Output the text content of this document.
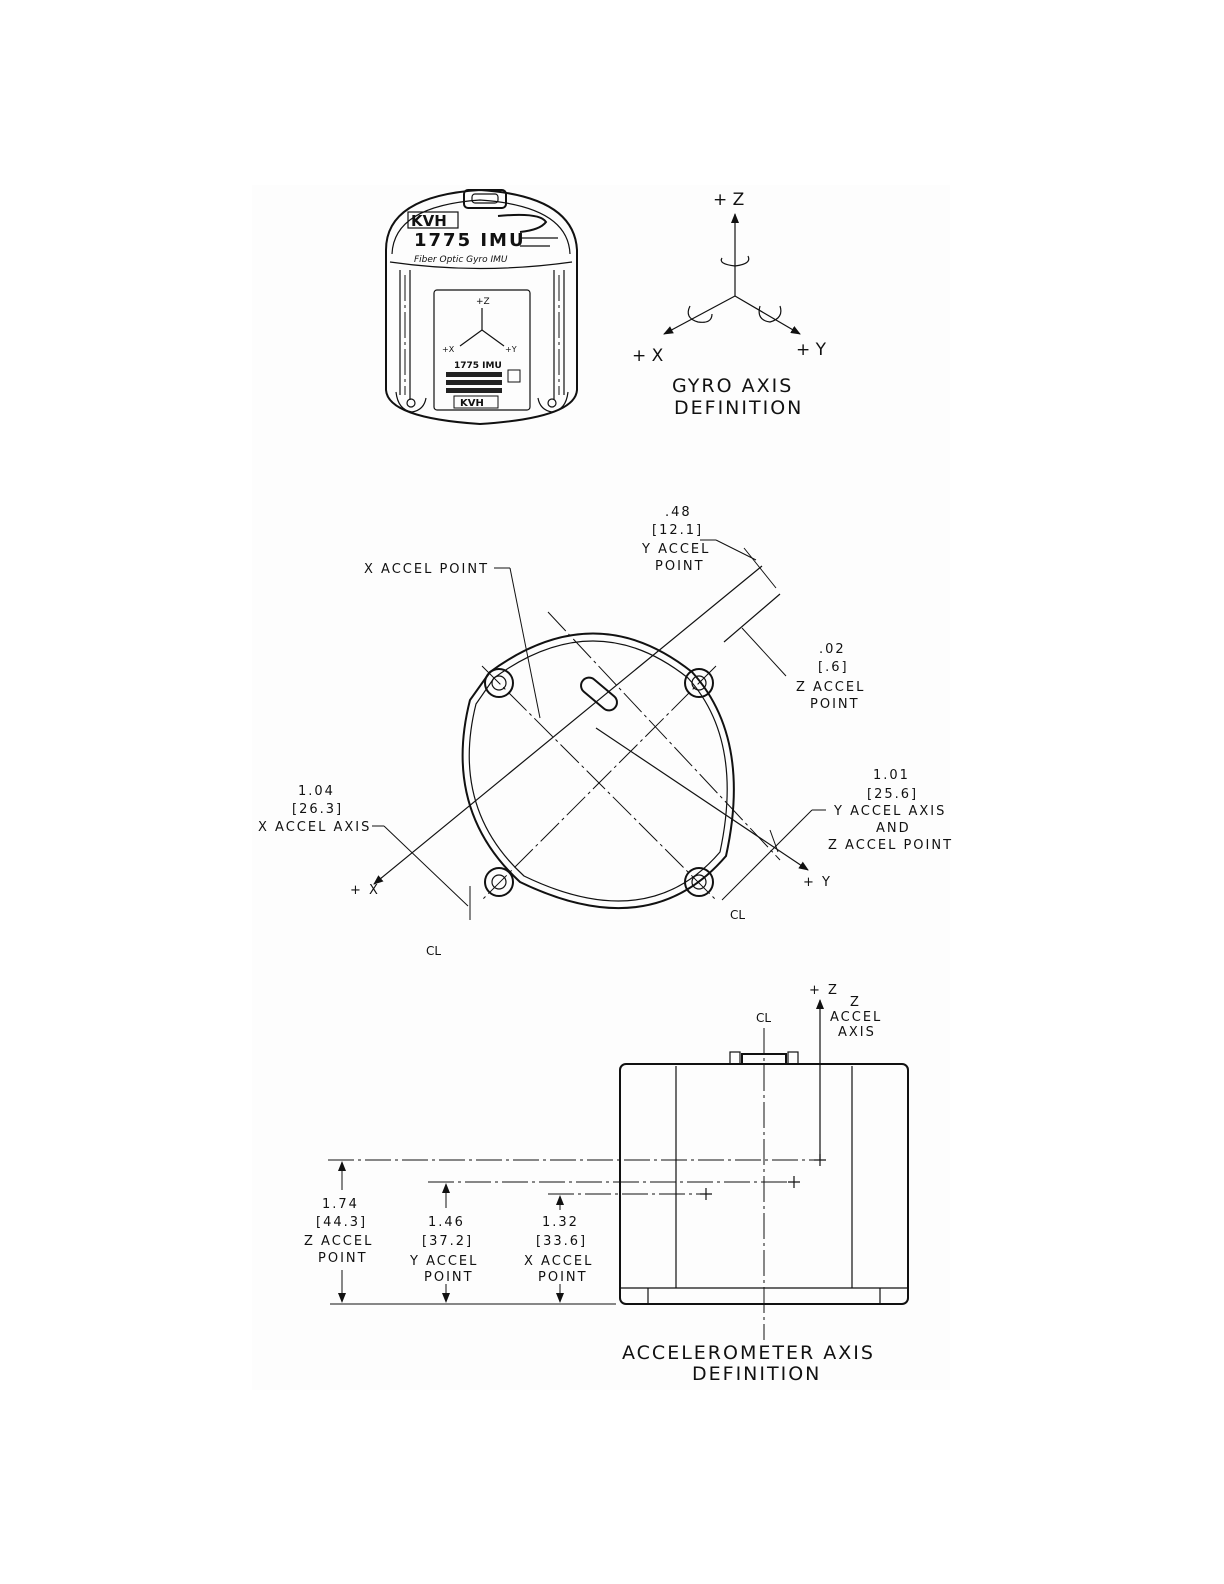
KVH
1775 IMU
Fiber Optic Gyro IMU
+Z
+X	+Y
1775 IMU
KVH
+ Z
+ X	+ Y
GYRO AXIS
DEFINITION
X ACCEL POINT
.48
[12.1]
Y ACCEL
POINT
.02
[.6]
Z ACCEL
POINT
1.04
[26.3]
X ACCEL AXIS
1.01
[25.6]
Y ACCEL AXIS
AND
Z ACCEL POINT
+ X
+ Y
CL
CL
CL
+ Z
Z
ACCEL
AXIS
1.74
[44.3]
Z ACCEL
POINT
1.46
[37.2]
Y ACCEL
POINT
1.32
[33.6]
X ACCEL
POINT
ACCELEROMETER AXIS
DEFINITION
